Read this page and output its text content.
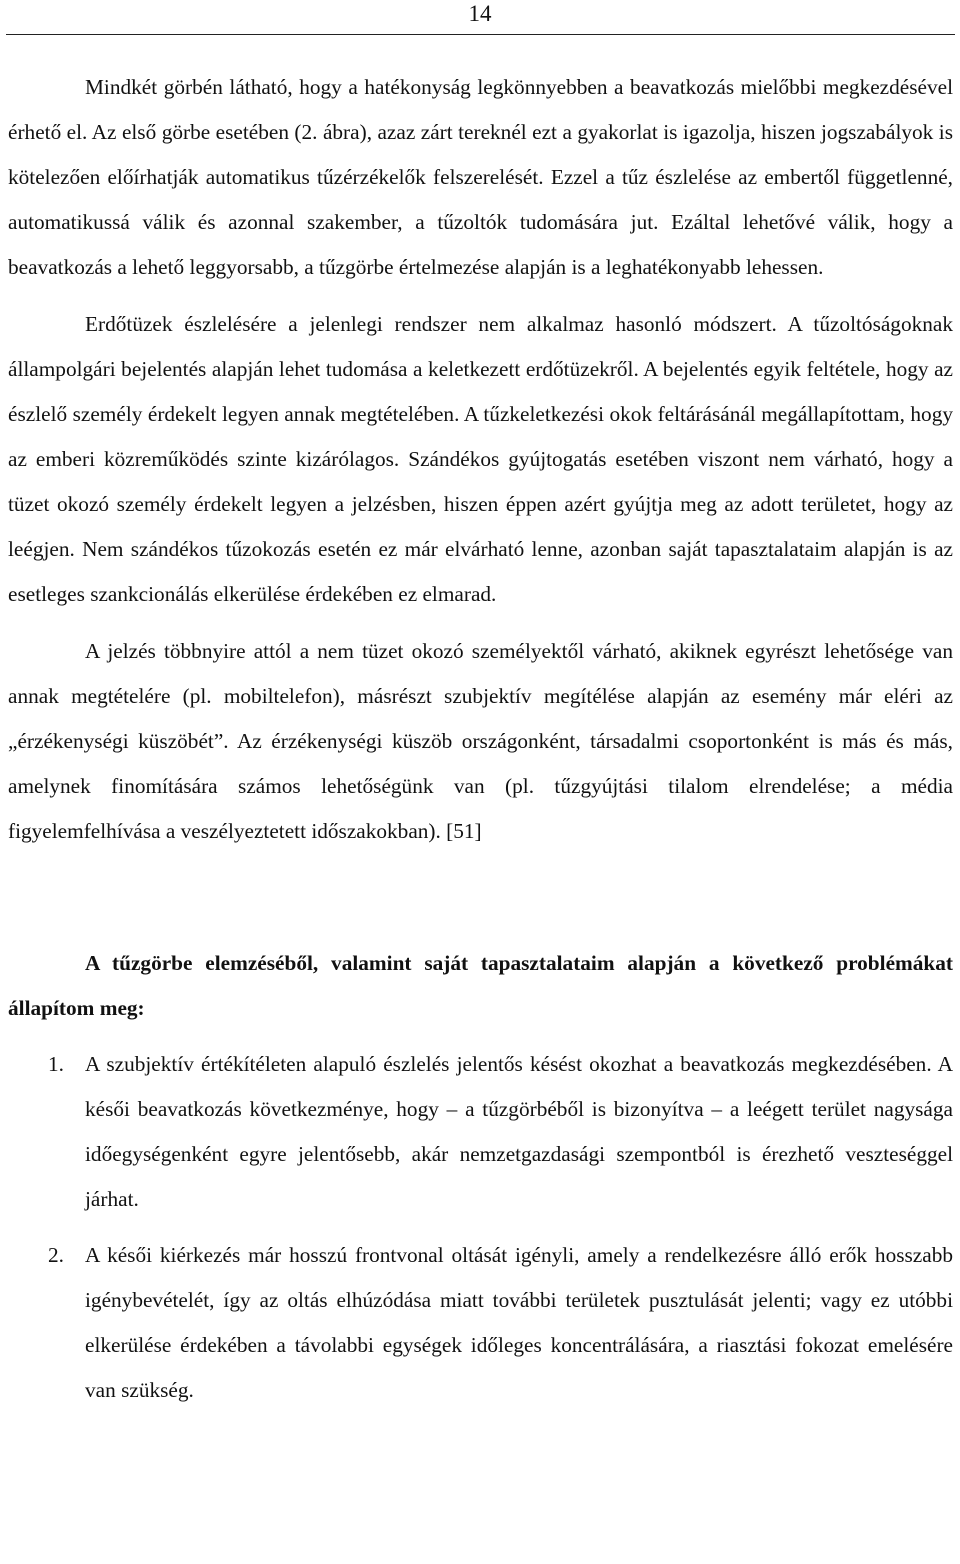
14

Mindkét görbén látható, hogy a hatékonyság legkönnyebben a beavatkozás mielőbbi megkezdésével érhető el. Az első görbe esetében (2. ábra), azaz zárt tereknél ezt a gyakorlat is igazolja, hiszen jogszabályok is kötelezően előírhatják automatikus tűzérzékelők felszerelését. Ezzel a tűz észlelése az embertől függetlenné, automatikussá válik és azonnal szakember, a tűzoltók tudomására jut. Ezáltal lehetővé válik, hogy a beavatkozás a lehető leggyorsabb, a tűzgörbe értelmezése alapján is a leghatékonyabb lehessen.

Erdőtüzek észlelésére a jelenlegi rendszer nem alkalmaz hasonló módszert. A tűzoltóságoknak állampolgári bejelentés alapján lehet tudomása a keletkezett erdőtüzekről. A bejelentés egyik feltétele, hogy az észlelő személy érdekelt legyen annak megtételében. A tűzkeletkezési okok feltárásánál megállapítottam, hogy az emberi közreműködés szinte kizárólagos. Szándékos gyújtogatás esetében viszont nem várható, hogy a tüzet okozó személy érdekelt legyen a jelzésben, hiszen éppen azért gyújtja meg az adott területet, hogy az leégjen. Nem szándékos tűzokozás esetén ez már elvárható lenne, azonban saját tapasztalataim alapján is az esetleges szankcionálás elkerülése érdekében ez elmarad.

A jelzés többnyire attól a nem tüzet okozó személyektől várható, akiknek egyrészt lehetősége van annak megtételére (pl. mobiltelefon), másrészt szubjektív megítélése alapján az esemény már eléri az „érzékenységi küszöbét”. Az érzékenységi küszöb országonként, társadalmi csoportonként is más és más, amelynek finomítására számos lehetőségünk van (pl. tűzgyújtási tilalom elrendelése; a média figyelemfelhívása a veszélyeztetett időszakokban). [51]

A tűzgörbe elemzéséből, valamint saját tapasztalataim alapján a következő problémákat állapítom meg:
1. A szubjektív értékítéleten alapuló észlelés jelentős késést okozhat a beavatkozás megkezdésében. A késői beavatkozás következménye, hogy – a tűzgörbéből is bizonyítva – a leégett terület nagysága időegységenként egyre jelentősebb, akár nemzetgazdasági szempontból is érezhető veszteséggel járhat.
2. A késői kiérkezés már hosszú frontvonal oltását igényli, amely a rendelkezésre álló erők hosszabb igénybevételét, így az oltás elhúzódása miatt további területek pusztulását jelenti; vagy ez utóbbi elkerülése érdekében a távolabbi egységek időleges koncentrálására, a riasztási fokozat emelésére van szükség.
